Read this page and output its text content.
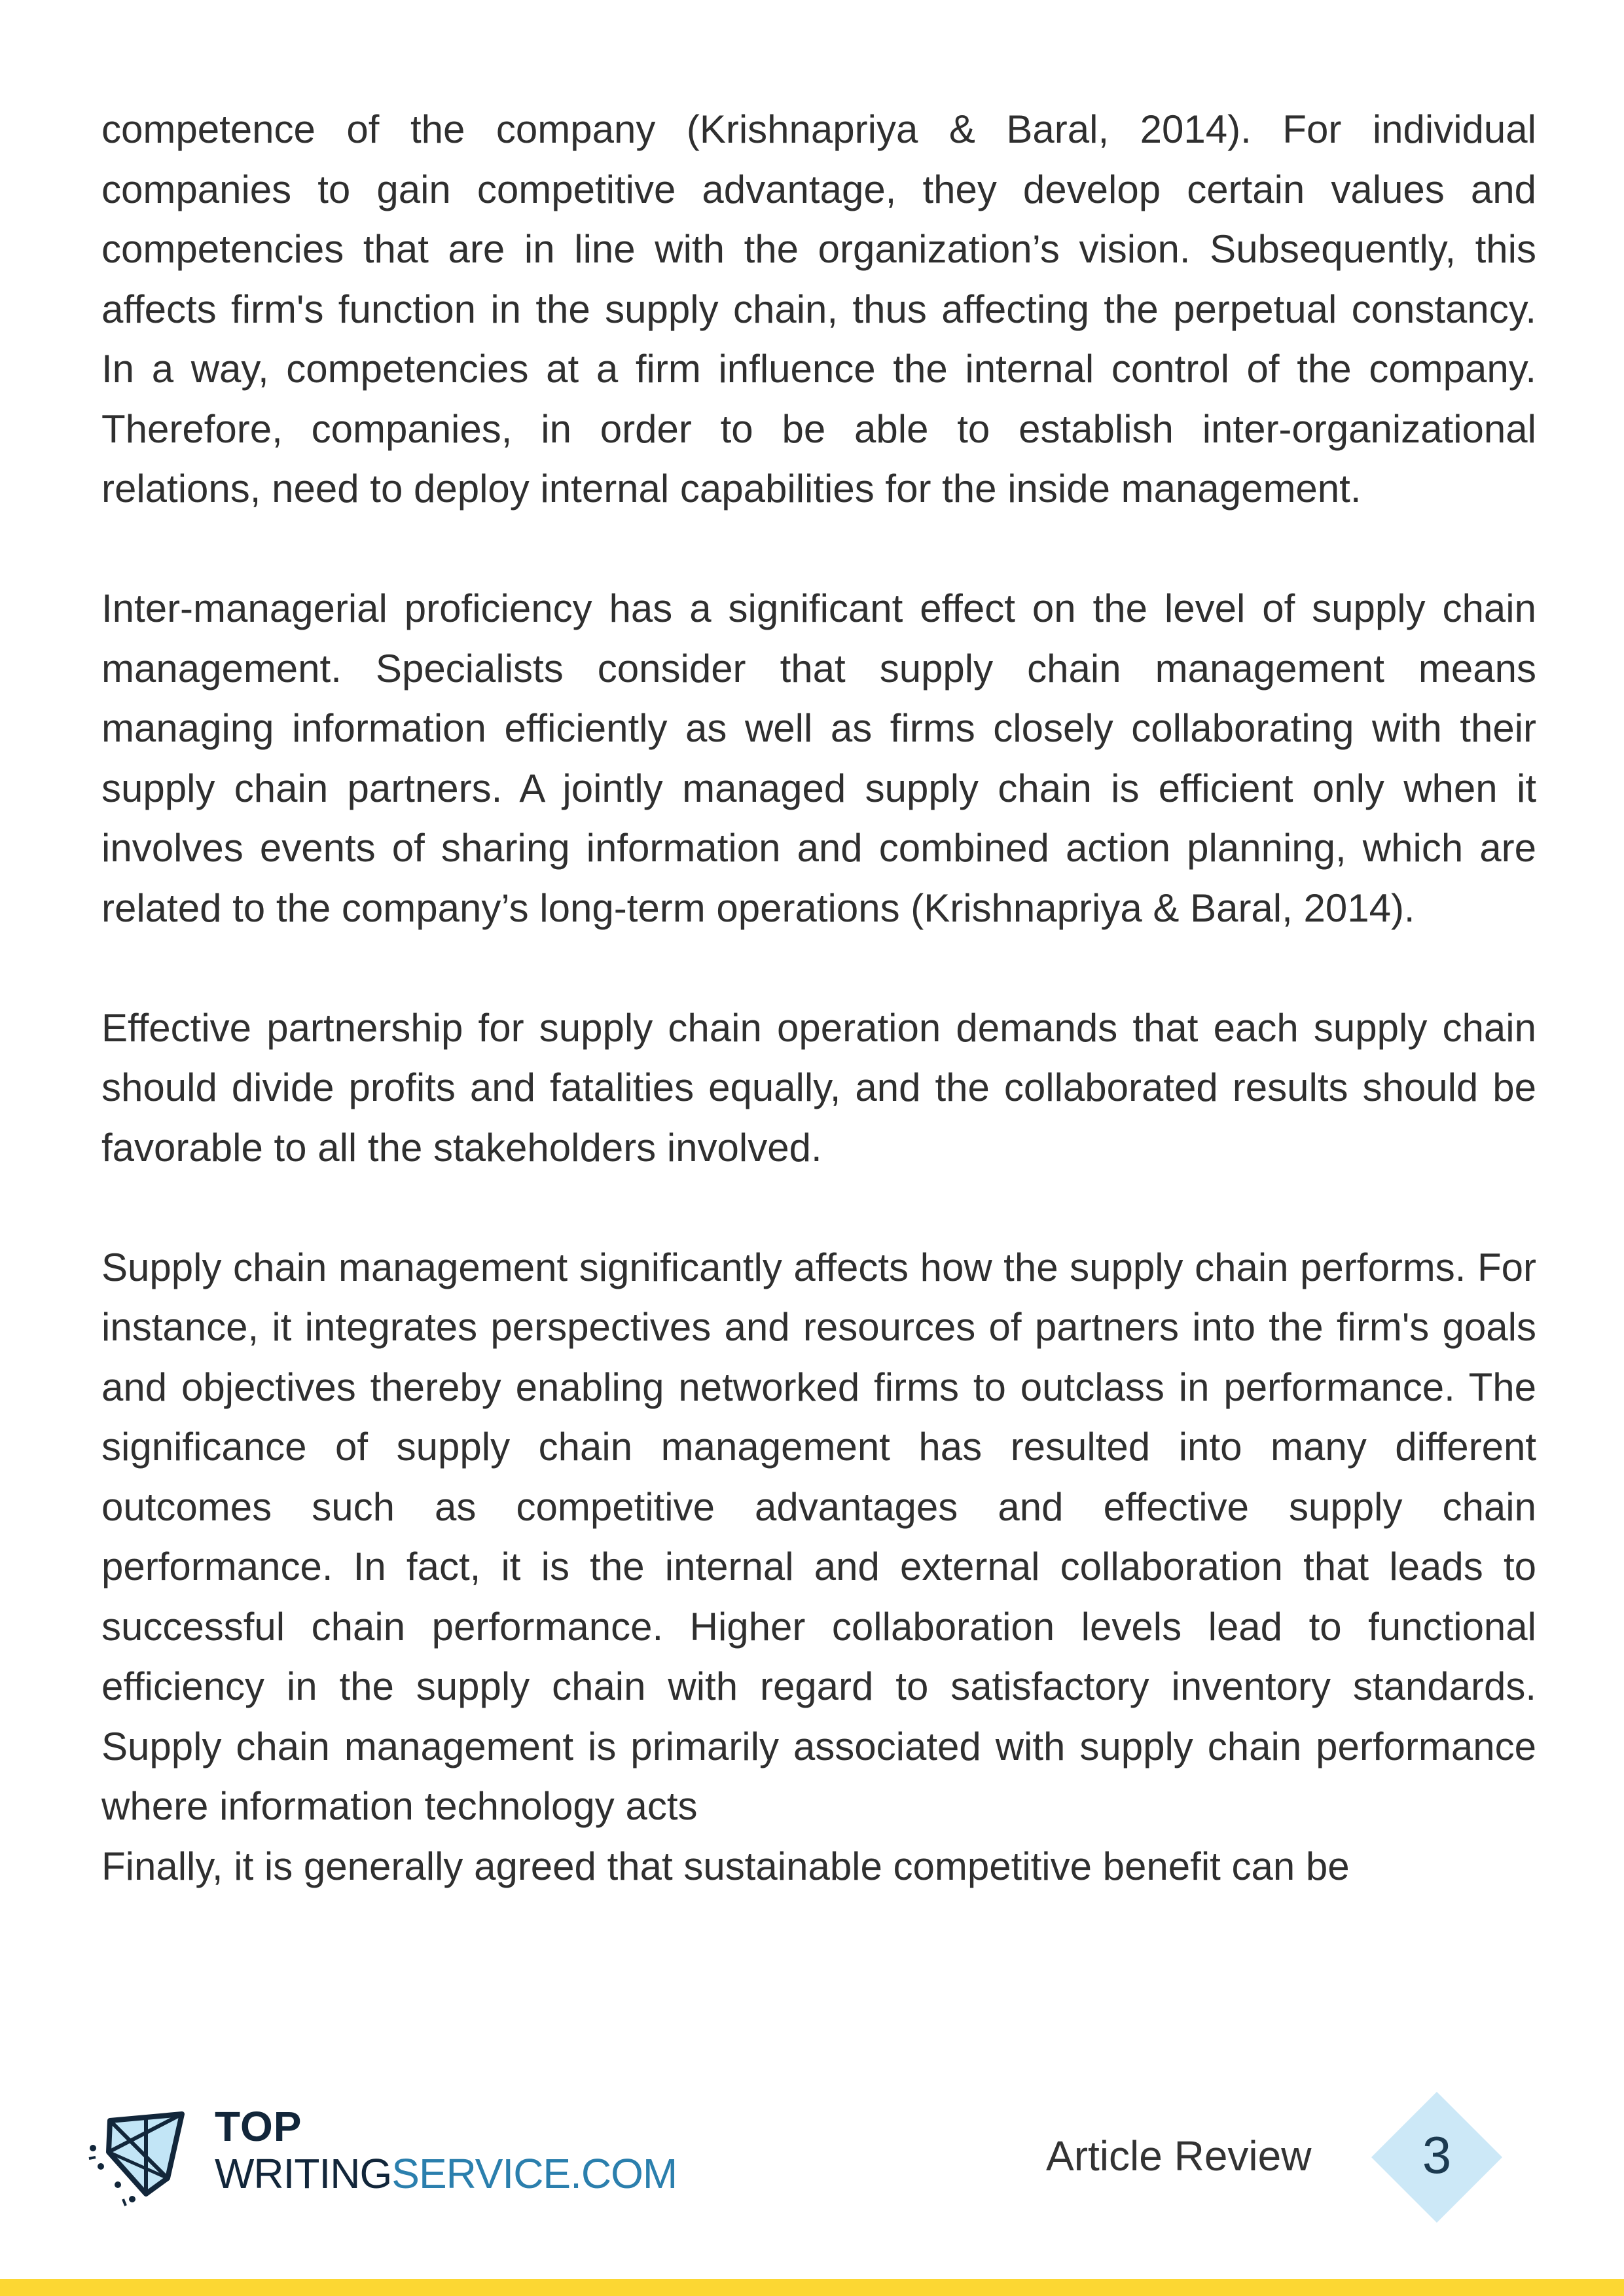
competence of the company (Krishnapriya & Baral, 2014). For individual companies to gain competitive advantage, they develop certain values and competencies that are in line with the organization’s vision. Subsequently, this affects firm's function in the supply chain, thus affecting the perpetual constancy. In a way, competencies at a firm influence the internal control of the company. Therefore, companies, in order to be able to establish inter-organizational relations, need to deploy internal capabilities for the inside management.

Inter-managerial proficiency has a significant effect on the level of supply chain management. Specialists consider that supply chain management means managing information efficiently as well as firms closely collaborating with their supply chain partners. A jointly managed supply chain is efficient only when it involves events of sharing information and combined action planning, which are related to the company’s long-term operations (Krishnapriya & Baral, 2014).

Effective partnership for supply chain operation demands that each supply chain should divide profits and fatalities equally, and the collaborated results should be favorable to all the stakeholders involved.

Supply chain management significantly affects how the supply chain performs. For instance, it integrates perspectives and resources of partners into the firm's goals and objectives thereby enabling networked firms to outclass in performance. The significance of supply chain management has resulted into many different outcomes such as competitive advantages and effective supply chain performance. In fact, it is the internal and external collaboration that leads to successful chain performance. Higher collaboration levels lead to functional efficiency in the supply chain with regard to satisfactory inventory standards. Supply chain management is primarily associated with supply chain performance where information technology acts

Finally, it is generally agreed that sustainable competitive benefit can be

TOP
WRITINGSERVICE.COM	Article Review	3
